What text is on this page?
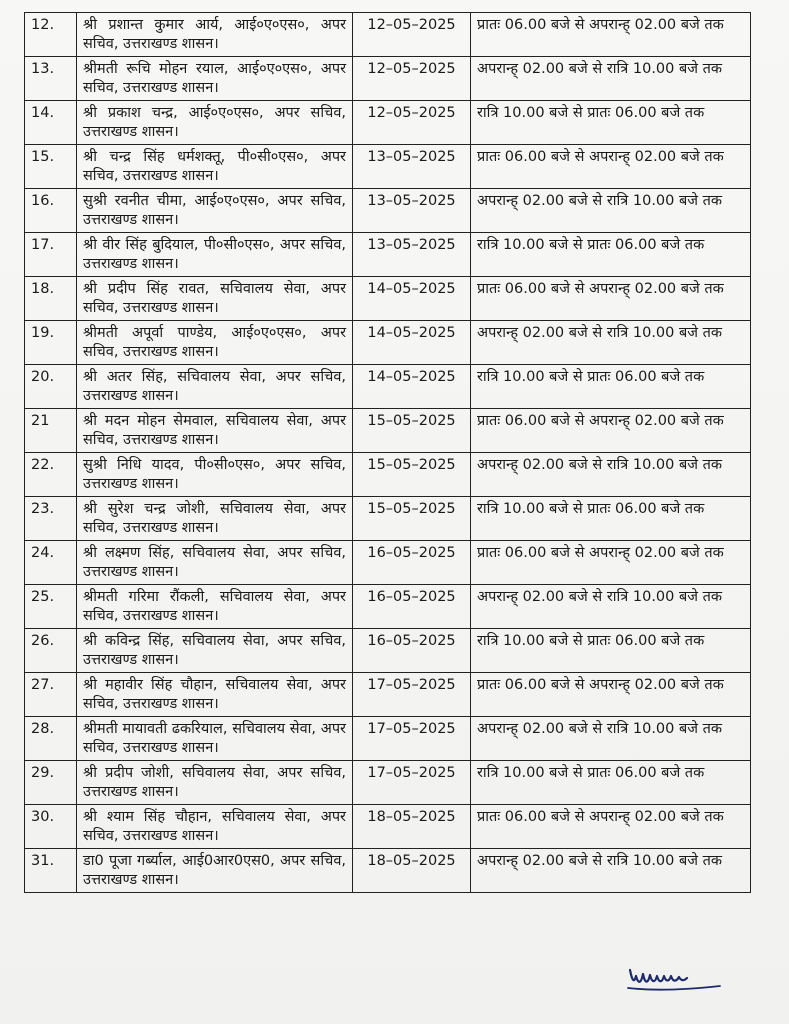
12.	श्री प्रशान्त कुमार आर्य, आई०ए०एस०, अपर सचिव, उत्तराखण्ड शासन।	12–05–2025	प्रातः 06.00 बजे से अपरान्ह् 02.00 बजे तक
13.	श्रीमती रूचि मोहन रयाल, आई०ए०एस०, अपर सचिव, उत्तराखण्ड शासन।	12–05–2025	अपरान्ह् 02.00 बजे से रात्रि 10.00 बजे तक
14.	श्री प्रकाश चन्द्र, आई०ए०एस०, अपर सचिव, उत्तराखण्ड शासन।	12–05–2025	रात्रि 10.00 बजे से प्रातः 06.00 बजे तक
15.	श्री चन्द्र सिंह धर्मशक्तू, पी०सी०एस०, अपर सचिव, उत्तराखण्ड शासन।	13–05–2025	प्रातः 06.00 बजे से अपरान्ह् 02.00 बजे तक
16.	सुश्री रवनीत चीमा, आई०ए०एस०, अपर सचिव, उत्तराखण्ड शासन।	13–05–2025	अपरान्ह् 02.00 बजे से रात्रि 10.00 बजे तक
17.	श्री वीर सिंह बुदियाल, पी०सी०एस०, अपर सचिव, उत्तराखण्ड शासन।	13–05–2025	रात्रि 10.00 बजे से प्रातः 06.00 बजे तक
18.	श्री प्रदीप सिंह रावत, सचिवालय सेवा, अपर सचिव, उत्तराखण्ड शासन।	14–05–2025	प्रातः 06.00 बजे से अपरान्ह् 02.00 बजे तक
19.	श्रीमती अपूर्वा पाण्डेय, आई०ए०एस०, अपर सचिव, उत्तराखण्ड शासन।	14–05–2025	अपरान्ह् 02.00 बजे से रात्रि 10.00 बजे तक
20.	श्री अतर सिंह, सचिवालय सेवा, अपर सचिव, उत्तराखण्ड शासन।	14–05–2025	रात्रि 10.00 बजे से प्रातः 06.00 बजे तक
21	श्री मदन मोहन सेमवाल, सचिवालय सेवा, अपर सचिव, उत्तराखण्ड शासन।	15–05–2025	प्रातः 06.00 बजे से अपरान्ह् 02.00 बजे तक
22.	सुश्री निधि यादव, पी०सी०एस०, अपर सचिव, उत्तराखण्ड शासन।	15–05–2025	अपरान्ह् 02.00 बजे से रात्रि 10.00 बजे तक
23.	श्री सुरेश चन्द्र जोशी, सचिवालय सेवा, अपर सचिव, उत्तराखण्ड शासन।	15–05–2025	रात्रि 10.00 बजे से प्रातः 06.00 बजे तक
24.	श्री लक्ष्मण सिंह, सचिवालय सेवा, अपर सचिव, उत्तराखण्ड शासन।	16–05–2025	प्रातः 06.00 बजे से अपरान्ह् 02.00 बजे तक
25.	श्रीमती गरिमा रौंकली, सचिवालय सेवा, अपर सचिव, उत्तराखण्ड शासन।	16–05–2025	अपरान्ह् 02.00 बजे से रात्रि 10.00 बजे तक
26.	श्री कविन्द्र सिंह, सचिवालय सेवा, अपर सचिव, उत्तराखण्ड शासन।	16–05–2025	रात्रि 10.00 बजे से प्रातः 06.00 बजे तक
27.	श्री महावीर सिंह चौहान, सचिवालय सेवा, अपर सचिव, उत्तराखण्ड शासन।	17–05–2025	प्रातः 06.00 बजे से अपरान्ह् 02.00 बजे तक
28.	श्रीमती मायावती ढकरियाल, सचिवालय सेवा, अपर सचिव, उत्तराखण्ड शासन।	17–05–2025	अपरान्ह् 02.00 बजे से रात्रि 10.00 बजे तक
29.	श्री प्रदीप जोशी, सचिवालय सेवा, अपर सचिव, उत्तराखण्ड शासन।	17–05–2025	रात्रि 10.00 बजे से प्रातः 06.00 बजे तक
30.	श्री श्याम सिंह चौहान, सचिवालय सेवा, अपर सचिव, उत्तराखण्ड शासन।	18–05–2025	प्रातः 06.00 बजे से अपरान्ह् 02.00 बजे तक
31.	डा0 पूजा गर्ब्याल, आई0आर0एस0, अपर सचिव, उत्तराखण्ड शासन।	18–05–2025	अपरान्ह् 02.00 बजे से रात्रि 10.00 बजे तक
